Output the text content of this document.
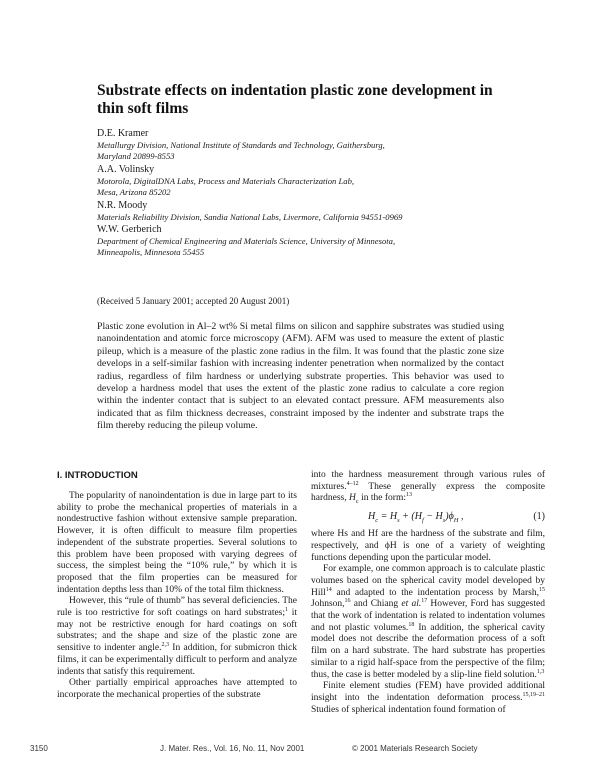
Substrate effects on indentation plastic zone development in thin soft films
D.E. Kramer
Metallurgy Division, National Institute of Standards and Technology, Gaithersburg,
Maryland 20899-8553
A.A. Volinsky
Motorola, DigitalDNA Labs, Process and Materials Characterization Lab,
Mesa, Arizona 85202
N.R. Moody
Materials Reliability Division, Sandia National Labs, Livermore, California 94551-0969
W.W. Gerberich
Department of Chemical Engineering and Materials Science, University of Minnesota,
Minneapolis, Minnesota 55455
(Received 5 January 2001; accepted 20 August 2001)
Plastic zone evolution in Al–2 wt% Si metal films on silicon and sapphire substrates was studied using nanoindentation and atomic force microscopy (AFM). AFM was used to measure the extent of plastic pileup, which is a measure of the plastic zone radius in the film. It was found that the plastic zone size develops in a self-similar fashion with increasing indenter penetration when normalized by the contact radius, regardless of film hardness or underlying substrate properties. This behavior was used to develop a hardness model that uses the extent of the plastic zone radius to calculate a core region within the indenter contact that is subject to an elevated contact pressure. AFM measurements also indicated that as film thickness decreases, constraint imposed by the indenter and substrate traps the film thereby reducing the pileup volume.
I. INTRODUCTION

The popularity of nanoindentation is due in large part to its ability to probe the mechanical properties of materials in a nondestructive fashion without extensive sample preparation. However, it is often difficult to measure film properties independent of the substrate properties. Several solutions to this problem have been proposed with varying degrees of success, the simplest being the “10% rule,” by which it is proposed that the film properties can be measured for indentation depths less than 10% of the total film thickness.

However, this “rule of thumb” has several deficiencies. The rule is too restrictive for soft coatings on hard substrates;$^1$ it may not be restrictive enough for hard coatings on soft substrates; and the shape and size of the plastic zone are sensitive to indenter angle.$^{2,3}$ In addition, for submicron thick films, it can be experimentally difficult to perform and analyze indents that satisfy this requirement.

Other partially empirical approaches have attempted to incorporate the mechanical properties of the substrate

into the hardness measurement through various rules of mixtures.$^{4-12}$ These generally express the composite hardness, $H_c$ in the form:$^{13}$

$H_c = H_s + (H_f - H_s)\phi_H$ ,	(1)

where Hs and Hf are the hardness of the substrate and film, respectively, and ϕH is one of a variety of weighting functions depending upon the particular model.

For example, one common approach is to calculate plastic volumes based on the spherical cavity model developed by Hill$^{14}$ and adapted to the indentation process by Marsh,$^{15}$ Johnson,$^{16}$ and Chiang et al.$^{17}$ However, Ford has suggested that the work of indentation is related to indentation volumes and not plastic volumes.$^{18}$ In addition, the spherical cavity model does not describe the deformation process of a soft film on a hard substrate. The hard substrate has properties similar to a rigid half-space from the perspective of the film; thus, the case is better modeled by a slip-line field solution.$^{1,3}$

Finite element studies (FEM) have provided additional insight into the indentation deformation process.$^{15,19-21}$ Studies of spherical indentation found formation of

3150	J. Mater. Res., Vol. 16, No. 11, Nov 2001	© 2001 Materials Research Society
